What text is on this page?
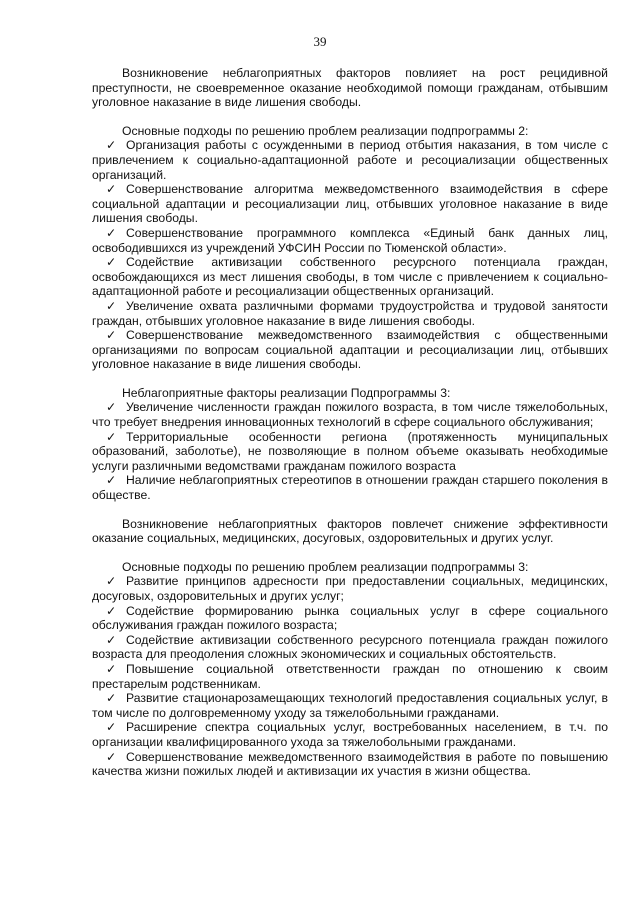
39

Возникновение неблагоприятных факторов повлияет на рост рецидивной преступности, не своевременное оказание необходимой помощи гражданам, отбывшим уголовное наказание в виде лишения свободы.

Основные подходы по решению проблем реализации подпрограммы 2:

✓ Организация работы с осужденными в период отбытия наказания, в том числе с привлечением к социально-адаптационной работе и ресоциализации общественных организаций.

✓ Совершенствование алгоритма межведомственного взаимодействия в сфере социальной адаптации и ресоциализации лиц, отбывших уголовное наказание в виде лишения свободы.

✓ Совершенствование программного комплекса «Единый банк данных лиц, освободившихся из учреждений УФСИН России по Тюменской области».

✓ Содействие активизации собственного ресурсного потенциала граждан, освобождающихся из мест лишения свободы, в том числе с привлечением к социально-адаптационной работе и ресоциализации общественных организаций.

✓ Увеличение охвата различными формами трудоустройства и трудовой занятости граждан, отбывших уголовное наказание в виде лишения свободы.

✓ Совершенствование межведомственного взаимодействия с общественными организациями по вопросам социальной адаптации и ресоциализации лиц, отбывших уголовное наказание в виде лишения свободы.

Неблагоприятные факторы реализации Подпрограммы 3:

✓ Увеличение численности граждан пожилого возраста, в том числе тяжелобольных, что требует внедрения инновационных технологий в сфере социального обслуживания;

✓ Территориальные особенности региона (протяженность муниципальных образований, заболотье), не позволяющие в полном объеме оказывать необходимые услуги различными ведомствами гражданам пожилого возраста

✓ Наличие неблагоприятных стереотипов в отношении граждан старшего поколения в обществе.

Возникновение неблагоприятных факторов повлечет снижение эффективности оказание социальных, медицинских, досуговых, оздоровительных и других услуг.

Основные подходы по решению проблем реализации подпрограммы 3:

✓ Развитие принципов адресности при предоставлении социальных, медицинских, досуговых, оздоровительных и других услуг;

✓ Содействие формированию рынка социальных услуг в сфере социального обслуживания граждан пожилого возраста;

✓ Содействие активизации собственного ресурсного потенциала граждан пожилого возраста для преодоления сложных экономических и социальных обстоятельств.

✓ Повышение социальной ответственности граждан по отношению к своим престарелым родственникам.

✓ Развитие стационарозамещающих технологий предоставления социальных услуг, в том числе по долговременному уходу за тяжелобольными гражданами.

✓ Расширение спектра социальных услуг, востребованных населением, в т.ч. по организации квалифицированного ухода за тяжелобольными гражданами.

✓ Совершенствование межведомственного взаимодействия в работе по повышению качества жизни пожилых людей и активизации их участия в жизни общества.
